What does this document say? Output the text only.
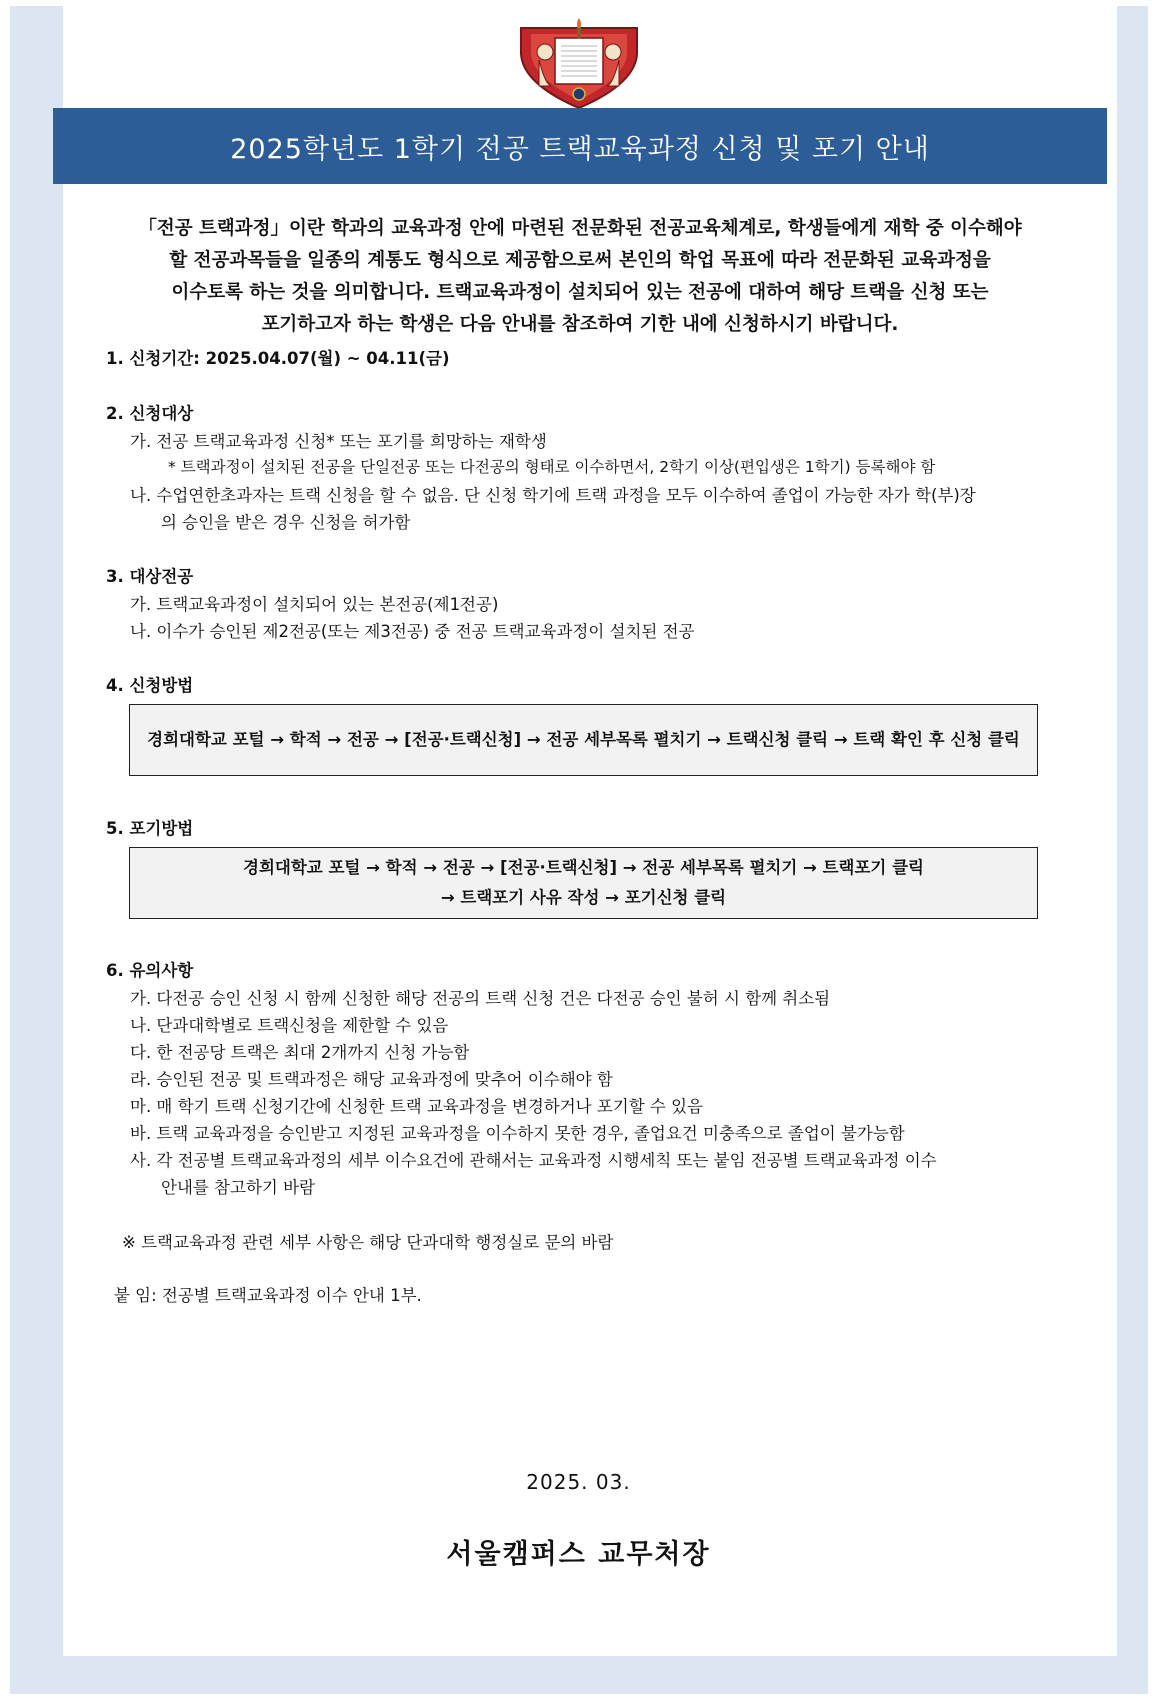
2025학년도 1학기 전공 트랙교육과정 신청 및 포기 안내
「전공 트랙과정」이란 학과의 교육과정 안에 마련된 전문화된 전공교육체계로, 학생들에게 재학 중 이수해야
할 전공과목들을 일종의 계통도 형식으로 제공함으로써 본인의 학업 목표에 따라 전문화된 교육과정을
이수토록 하는 것을 의미합니다. 트랙교육과정이 설치되어 있는 전공에 대하여 해당 트랙을 신청 또는
포기하고자 하는 학생은 다음 안내를 참조하여 기한 내에 신청하시기 바랍니다.
1. 신청기간: 2025.04.07(월) ~ 04.11(금)
2. 신청대상
가. 전공 트랙교육과정 신청* 또는 포기를 희망하는 재학생
* 트랙과정이 설치된 전공을 단일전공 또는 다전공의 형태로 이수하면서, 2학기 이상(편입생은 1학기) 등록해야 함
나. 수업연한초과자는 트랙 신청을 할 수 없음. 단 신청 학기에 트랙 과정을 모두 이수하여 졸업이 가능한 자가 학(부)장
의 승인을 받은 경우 신청을 허가함
3. 대상전공
가. 트랙교육과정이 설치되어 있는 본전공(제1전공)
나. 이수가 승인된 제2전공(또는 제3전공) 중 전공 트랙교육과정이 설치된 전공
4. 신청방법
경희대학교 포털 → 학적 → 전공 → [전공·트랙신청] → 전공 세부목록 펼치기 → 트랙신청 클릭 → 트랙 확인 후 신청 클릭
5. 포기방법
경희대학교 포털 → 학적 → 전공 → [전공·트랙신청] → 전공 세부목록 펼치기 → 트랙포기 클릭
→ 트랙포기 사유 작성 → 포기신청 클릭
6. 유의사항
가. 다전공 승인 신청 시 함께 신청한 해당 전공의 트랙 신청 건은 다전공 승인 불허 시 함께 취소됨
나. 단과대학별로 트랙신청을 제한할 수 있음
다. 한 전공당 트랙은 최대 2개까지 신청 가능함
라. 승인된 전공 및 트랙과정은 해당 교육과정에 맞추어 이수해야 함
마. 매 학기 트랙 신청기간에 신청한 트랙 교육과정을 변경하거나 포기할 수 있음
바. 트랙 교육과정을 승인받고 지정된 교육과정을 이수하지 못한 경우, 졸업요건 미충족으로 졸업이 불가능함
사. 각 전공별 트랙교육과정의 세부 이수요건에 관해서는 교육과정 시행세칙 또는 붙임 전공별 트랙교육과정 이수
안내를 참고하기 바람
※ 트랙교육과정 관련 세부 사항은 해당 단과대학 행정실로 문의 바람
붙 임: 전공별 트랙교육과정 이수 안내 1부.
2025. 03.
서울캠퍼스 교무처장
